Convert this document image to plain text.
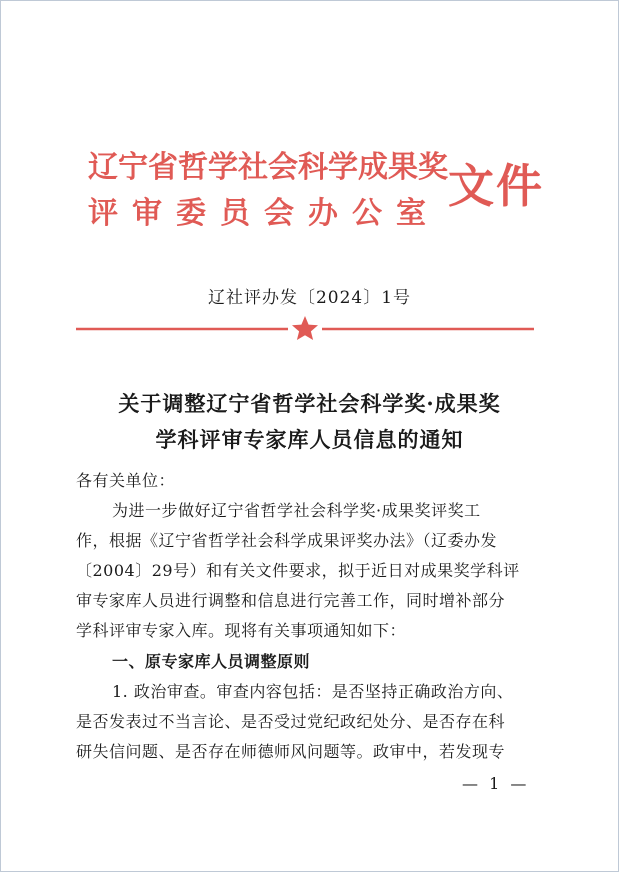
辽宁省哲学社会科学成果奖
评审委员会办公室
文件
辽社评办发〔2024〕1号
关于调整辽宁省哲学社会科学奖·成果奖
学科评审专家库人员信息的通知
各有关单位：
为进一步做好辽宁省哲学社会科学奖·成果奖评奖工
作，根据《辽宁省哲学社会科学成果评奖办法》（辽委办发
〔2004〕29号）和有关文件要求，拟于近日对成果奖学科评
审专家库人员进行调整和信息进行完善工作，同时增补部分
学科评审专家入库。现将有关事项通知如下：
一、原专家库人员调整原则
1. 政治审查。审查内容包括：是否坚持正确政治方向、
是否发表过不当言论、是否受过党纪政纪处分、是否存在科
研失信问题、是否存在师德师风问题等。政审中，若发现专
— 1 —
